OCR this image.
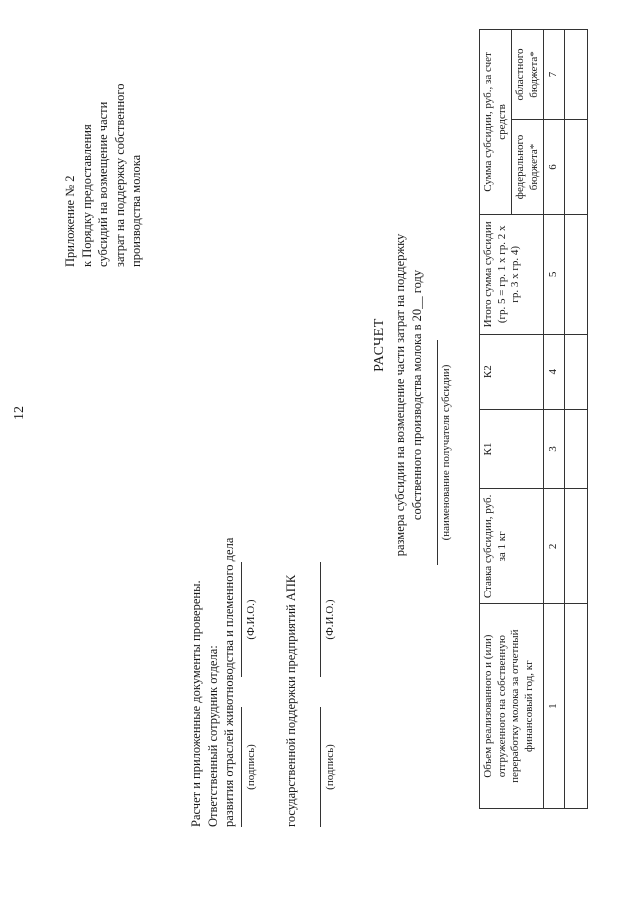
12
Приложение № 2 к Порядку предоставления субсидий на возмещение части затрат на поддержку собственного производства молока
Расчет и приложенные документы проверены. Ответственный сотрудник отдела: развития отраслей животноводства и племенного дела (подпись)
(Ф.И.О.) государственной поддержки предприятий АПК (подпись)
(Ф.И.О.)
РАСЧЕТ размера субсидии на возмещение части затрат на поддержку собственного производства молока в 20__ году (наименование получателя субсидии)
Объем реализованного и (или) отгруженного на собственную переработку молока за отчетный финансовый год, кг	Ставка субсидии, руб. за 1 кг	К1	К2	Итого сумма субсидии (гр. 5 = гр. 1 х гр. 2 х гр. 3 х гр. 4)	Сумма субсидии, руб., за счет средств	
					федерального бюджета*	областного бюджета*
1	2	3	4	5	6	7
